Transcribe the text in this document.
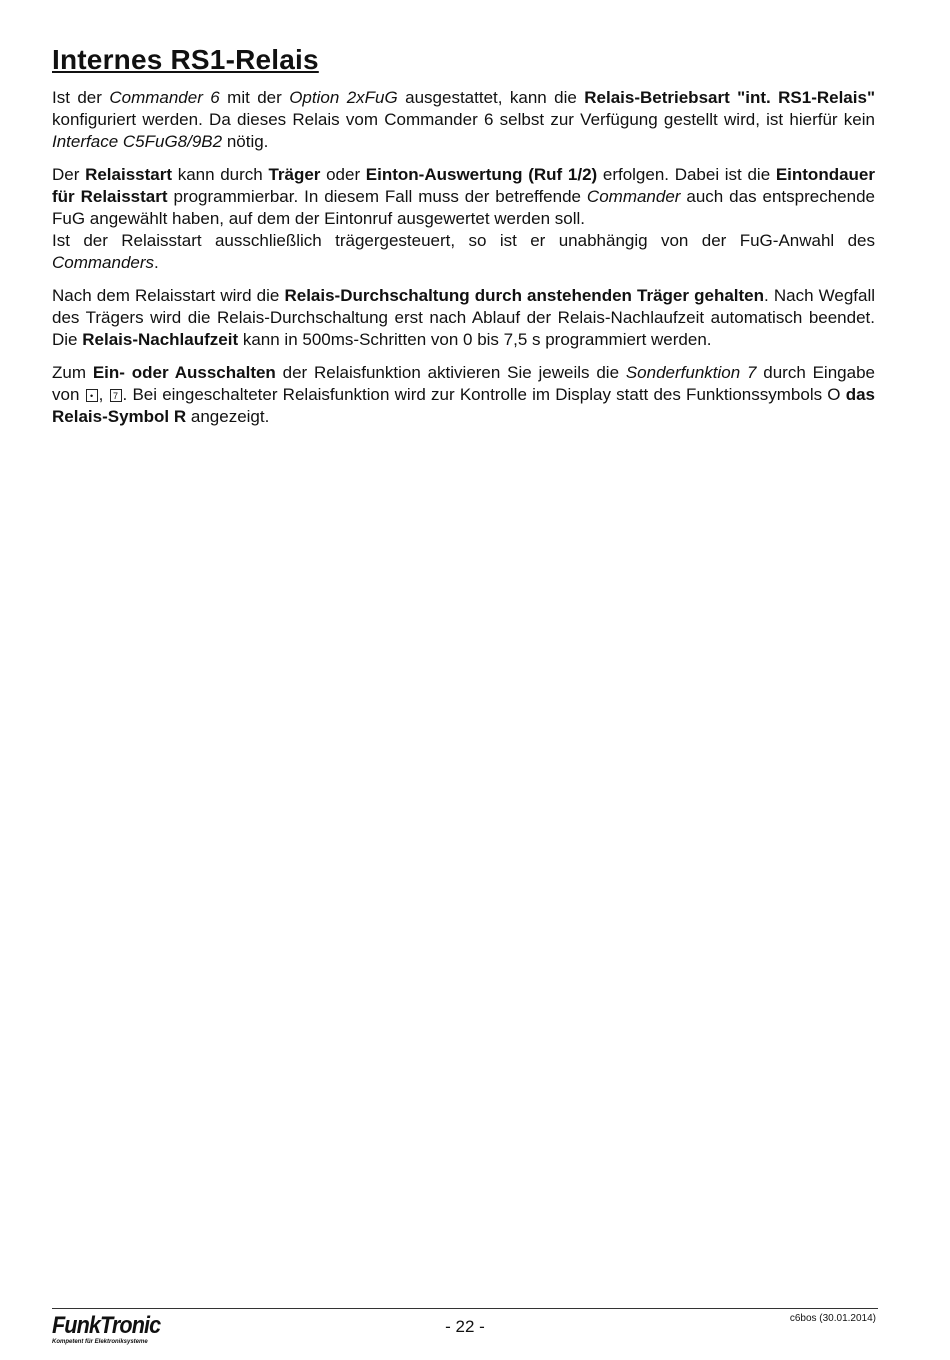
Internes RS1-Relais

Ist der Commander 6 mit der Option 2xFuG ausgestattet, kann die Relais-Betriebsart "int. RS1-Relais" konfiguriert werden. Da dieses Relais vom Commander 6 selbst zur Verfügung gestellt wird, ist hierfür kein Interface C5FuG8/9B2 nötig.

Der Relaisstart kann durch Träger oder Einton-Auswertung (Ruf 1/2) erfolgen. Dabei ist die Eintondauer für Relaisstart programmierbar. In diesem Fall muss der betreffende Commander auch das entsprechende FuG angewählt haben, auf dem der Eintonruf ausgewertet werden soll.

Ist der Relaisstart ausschließlich trägergesteuert, so ist er unabhängig von der FuG-Anwahl des Commanders.

Nach dem Relaisstart wird die Relais-Durchschaltung durch anstehenden Träger gehalten. Nach Wegfall des Trägers wird die Relais-Durchschaltung erst nach Ablauf der Relais-Nachlaufzeit automatisch beendet. Die Relais-Nachlaufzeit kann in 500ms-Schritten von 0 bis 7,5 s programmiert werden.

Zum Ein- oder Ausschalten der Relaisfunktion aktivieren Sie jeweils die Sonderfunktion 7 durch Eingabe von • , 7 . Bei eingeschalteter Relaisfunktion wird zur Kontrolle im Display statt des Funktionssymbols O das Relais-Symbol R angezeigt.

FunkTronic
Kompetent für Elektroniksysteme
- 22 -	c6bos (30.01.2014)
